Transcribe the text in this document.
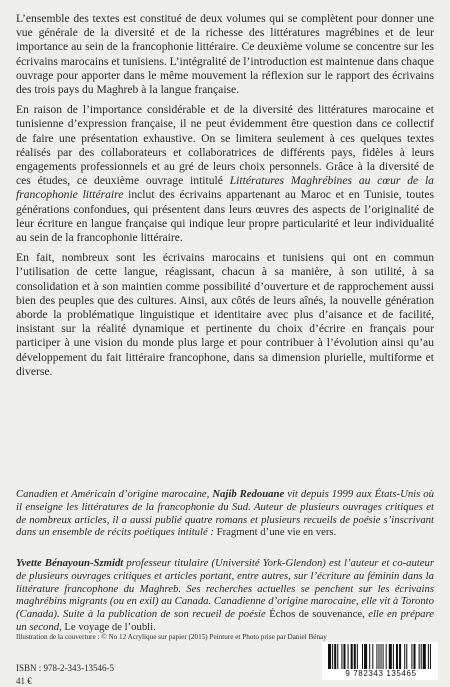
L’ensemble des textes est constitué de deux volumes qui se complètent pour donner une vue générale de la diversité et de la richesse des littératures magrébines et de leur importance au sein de la francophonie littéraire. Ce deuxième volume se concentre sur les écrivains marocains et tunisiens. L’intégralité de l’introduction est maintenue dans chaque ouvrage pour apporter dans le même mouvement la réflexion sur le rapport des écrivains des trois pays du Maghreb à la langue française.

En raison de l’importance considérable et de la diversité des littératures marocaine et tunisienne d’expression française, il ne peut évidemment être question dans ce collectif de faire une présentation exhaustive. On se limitera seulement à ces quelques textes réalisés par des collaborateurs et collaboratrices de différents pays, fidèles à leurs engagements professionnels et au gré de leurs choix personnels. Grâce à la diversité de ces études, ce deuxième ouvrage intitulé Littératures Maghrébines au cœur de la francophonie littéraire inclut des écrivains appartenant au Maroc et en Tunisie, toutes générations confondues, qui présentent dans leurs œuvres des aspects de l’originalité de leur écriture en langue française qui indique leur propre particularité et leur individualité au sein de la francophonie littéraire.

En fait, nombreux sont les écrivains marocains et tunisiens qui ont en commun l’utilisation de cette langue, réagissant, chacun à sa manière, à son utilité, à sa consolidation et à son maintien comme possibilité d’ouverture et de rapprochement aussi bien des peuples que des cultures. Ainsi, aux côtés de leurs aînés, la nouvelle génération aborde la problématique linguistique et identitaire avec plus d’aisance et de facilité, insistant sur la réalité dynamique et pertinente du choix d’écrire en français pour participer à une vision du monde plus large et pour contribuer à l’évolution ainsi qu’au développement du fait littéraire francophone, dans sa dimension plurielle, multiforme et diverse.

Canadien et Américain d’origine marocaine, Najib Redouane vit depuis 1999 aux États-Unis où il enseigne les littératures de la francophonie du Sud. Auteur de plusieurs ouvrages critiques et de nombreux articles, il a aussi publié quatre romans et plusieurs recueils de poésie s’inscrivant dans un ensemble de récits poétiques intitulé : Fragment d’une vie en vers.
Yvette Bénayoun-Szmidt professeur titulaire (Université York-Glendon) est l’auteur et co-auteur de plusieurs ouvrages critiques et articles portant, entre autres, sur l’écriture au féminin dans la littérature francophone du Maghreb. Ses recherches actuelles se penchent sur les écrivains maghrébins migrants (ou en exil) au Canada. Canadienne d’origine marocaine, elle vit à Toronto (Canada). Suite à la publication de son recueil de poésie Échos de souvenance, elle en prépare un second, Le voyage de l’oubli.
Illustration de la couverture : © No 12 Acrylique sur papier (2015) Peinture et Photo prise par Daniel Bénay
ISBN : 978-2-343-13546-5
41 €
9 782343 135465
